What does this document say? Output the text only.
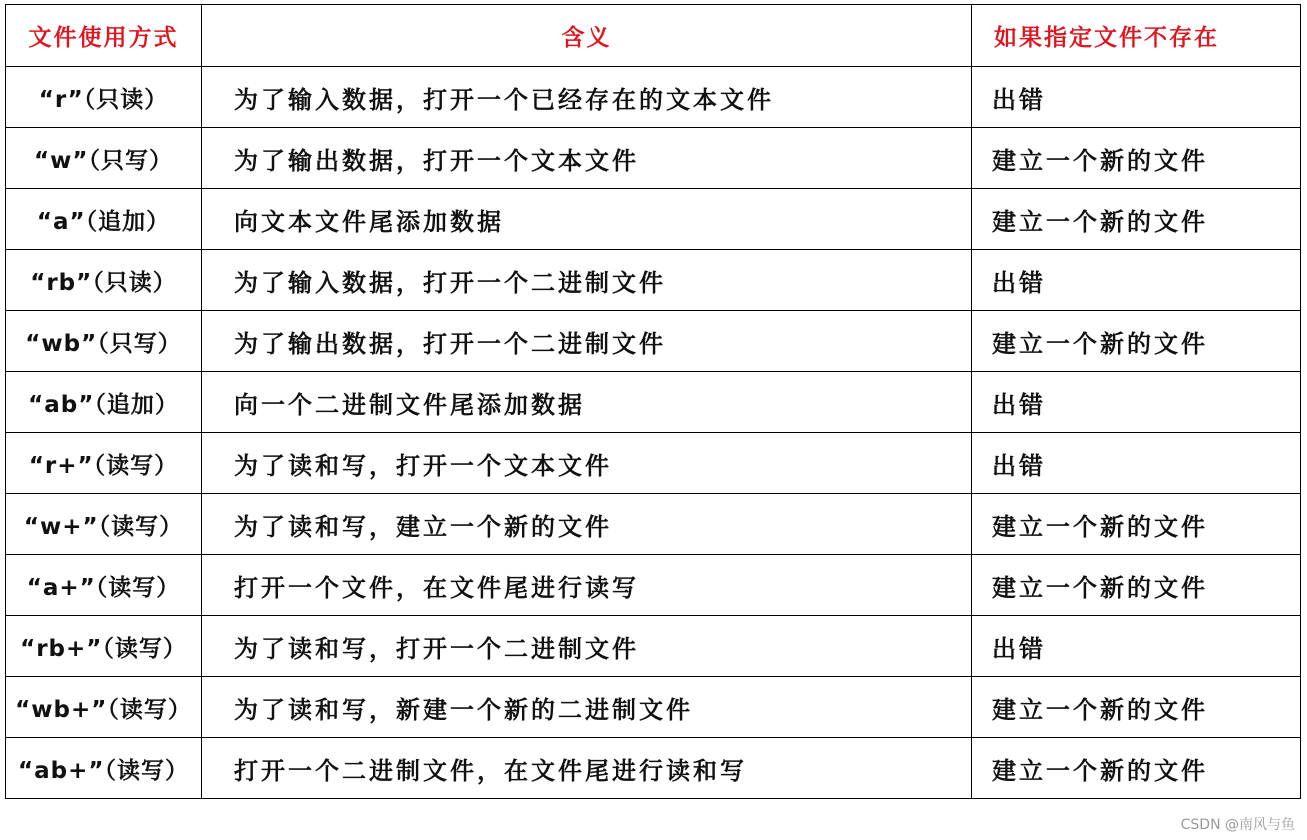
文件使用方式	含义	如果指定文件不存在
“r”（只读）	为了输入数据，打开一个已经存在的文本文件	出错
“w”（只写）	为了输出数据，打开一个文本文件	建立一个新的文件
“a”（追加）	向文本文件尾添加数据	建立一个新的文件
“rb”（只读）	为了输入数据，打开一个二进制文件	出错
“wb”（只写）	为了输出数据，打开一个二进制文件	建立一个新的文件
“ab”（追加）	向一个二进制文件尾添加数据	出错
“r+”（读写）	为了读和写，打开一个文本文件	出错
“w+”（读写）	为了读和写，建立一个新的文件	建立一个新的文件
“a+”（读写）	打开一个文件，在文件尾进行读写	建立一个新的文件
“rb+”（读写）	为了读和写，打开一个二进制文件	出错
“wb+”（读写）	为了读和写，新建一个新的二进制文件	建立一个新的文件
“ab+”（读写）	打开一个二进制文件，在文件尾进行读和写	建立一个新的文件
CSDN @南风与鱼
